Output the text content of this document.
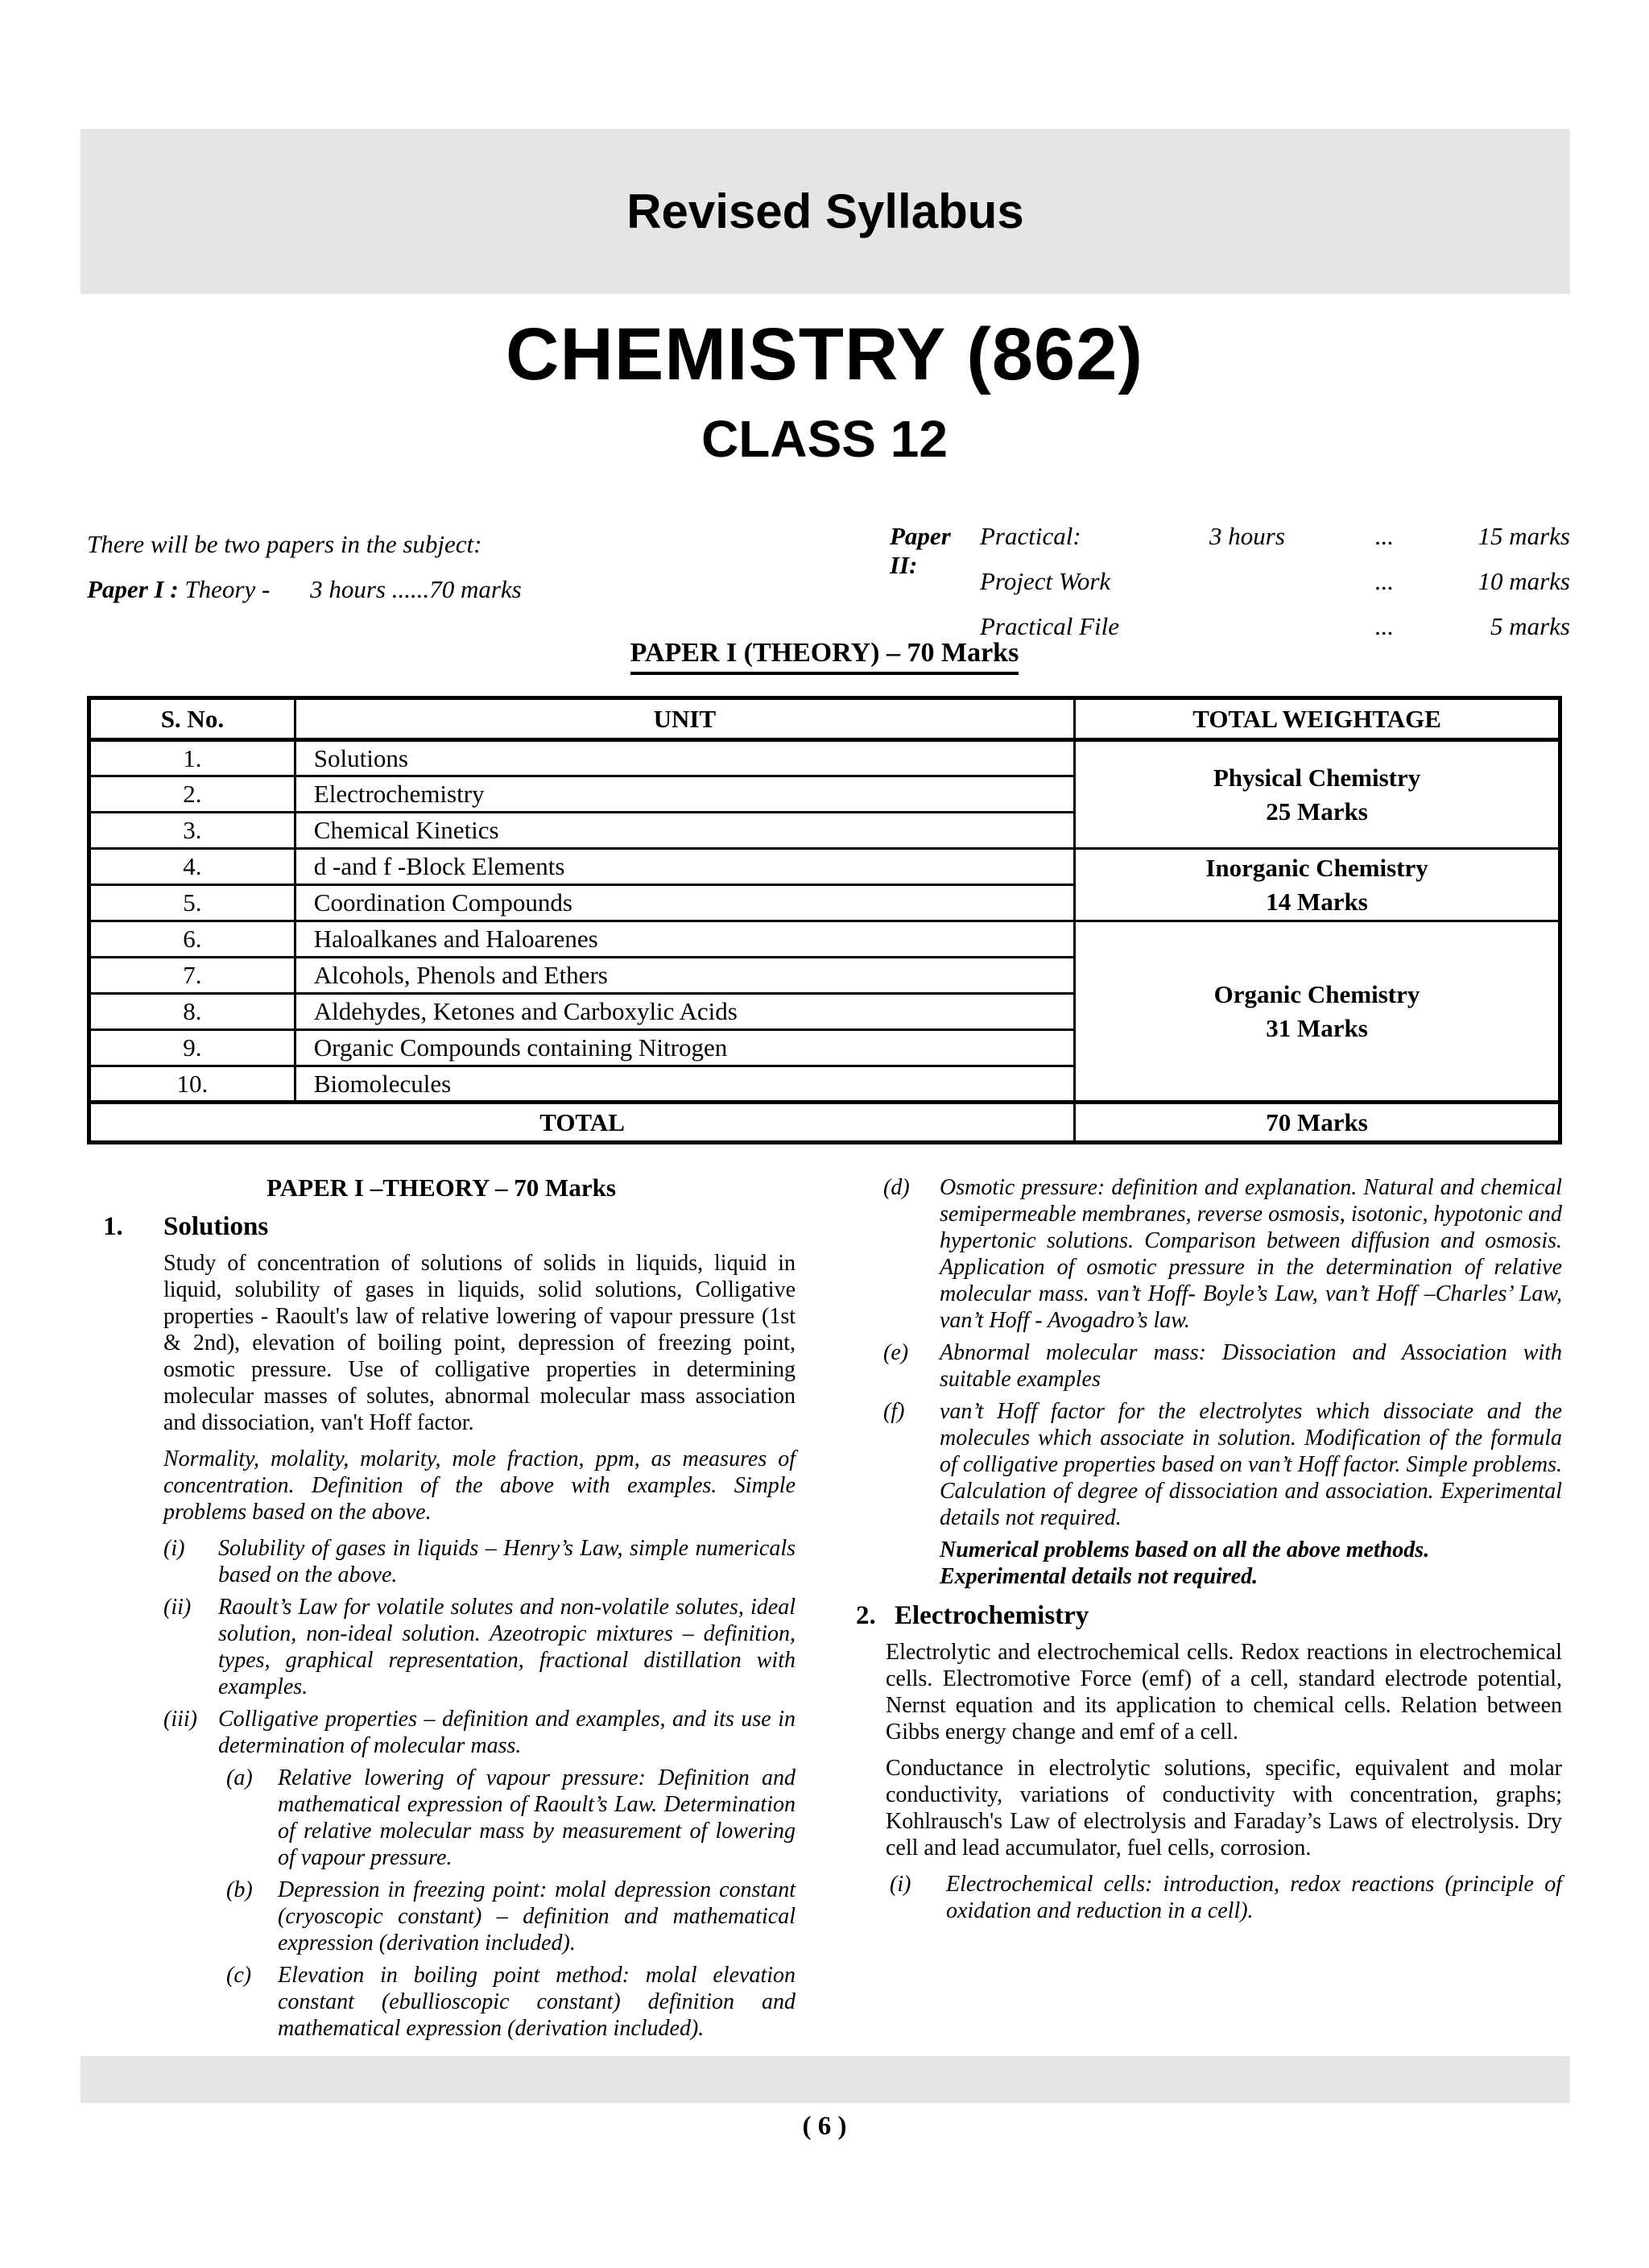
Revised Syllabus
CHEMISTRY (862)
CLASS 12
There will be two papers in the subject:
Paper I : Theory - 3 hours ......70 marks
Paper II:
Practical:	3 hours	...	15 marks
Project Work	...	10 marks
Practical File	...	5 marks
PAPER I (THEORY) – 70 Marks
S. No.	UNIT	TOTAL WEIGHTAGE
1.	Solutions	Physical Chemistry
25 Marks

2.	Electrochemistry	
3.	Chemical Kinetics	
4.	d -and f -Block Elements	Inorganic Chemistry
14 Marks

5.	Coordination Compounds	
6.	Haloalkanes and Haloarenes	Organic Chemistry
31 Marks

7.	Alcohols, Phenols and Ethers	
8.	Aldehydes, Ketones and Carboxylic Acids	
9.	Organic Compounds containing Nitrogen	
10.	Biomolecules	
TOTAL		70 Marks
PAPER I –THEORY – 70 Marks
1. Solutions
Study of concentration of solutions of solids in liquids, liquid in liquid, solubility of gases in liquids, solid solutions, Colligative properties - Raoult's law of relative lowering of vapour pressure (1st & 2nd), elevation of boiling point, depression of freezing point, osmotic pressure. Use of colligative properties in determining molecular masses of solutes, abnormal molecular mass association and dissociation, van't Hoff factor.
Normality, molality, molarity, mole fraction, ppm, as measures of concentration. Definition of the above with examples. Simple problems based on the above.
(i) Solubility of gases in liquids – Henry’s Law, simple numericals based on the above.
(ii) Raoult’s Law for volatile solutes and non-volatile solutes, ideal solution, non-ideal solution. Azeotropic mixtures – definition, types, graphical representation, fractional distillation with examples.
(iii) Colligative properties – definition and examples, and its use in determination of molecular mass.
(a) Relative lowering of vapour pressure: Definition and mathematical expression of Raoult’s Law. Determination of relative molecular mass by measurement of lowering of vapour pressure.
(b) Depression in freezing point: molal depression constant (cryoscopic constant) – definition and mathematical expression (derivation included).
(c) Elevation in boiling point method: molal elevation constant (ebullioscopic constant) definition and mathematical expression (derivation included).
(d) Osmotic pressure: definition and explanation. Natural and chemical semipermeable membranes, reverse osmosis, isotonic, hypotonic and hypertonic solutions. Comparison between diffusion and osmosis. Application of osmotic pressure in the determination of relative molecular mass. van’t Hoff- Boyle’s Law, van’t Hoff –Charles’ Law, van’t Hoff - Avogadro’s law.
(e) Abnormal molecular mass: Dissociation and Association with suitable examples
(f) van’t Hoff factor for the electrolytes which dissociate and the molecules which associate in solution. Modification of the formula of colligative properties based on van’t Hoff factor. Simple problems. Calculation of degree of dissociation and association. Experimental details not required.
Numerical problems based on all the above methods.
Experimental details not required.
2. Electrochemistry
Electrolytic and electrochemical cells. Redox reactions in electrochemical cells. Electromotive Force (emf) of a cell, standard electrode potential, Nernst equation and its application to chemical cells. Relation between Gibbs energy change and emf of a cell.
Conductance in electrolytic solutions, specific, equivalent and molar conductivity, variations of conductivity with concentration, graphs; Kohlrausch's Law of electrolysis and Faraday’s Laws of electrolysis. Dry cell and lead accumulator, fuel cells, corrosion.
(i) Electrochemical cells: introduction, redox reactions (principle of oxidation and reduction in a cell).
( 6 )
